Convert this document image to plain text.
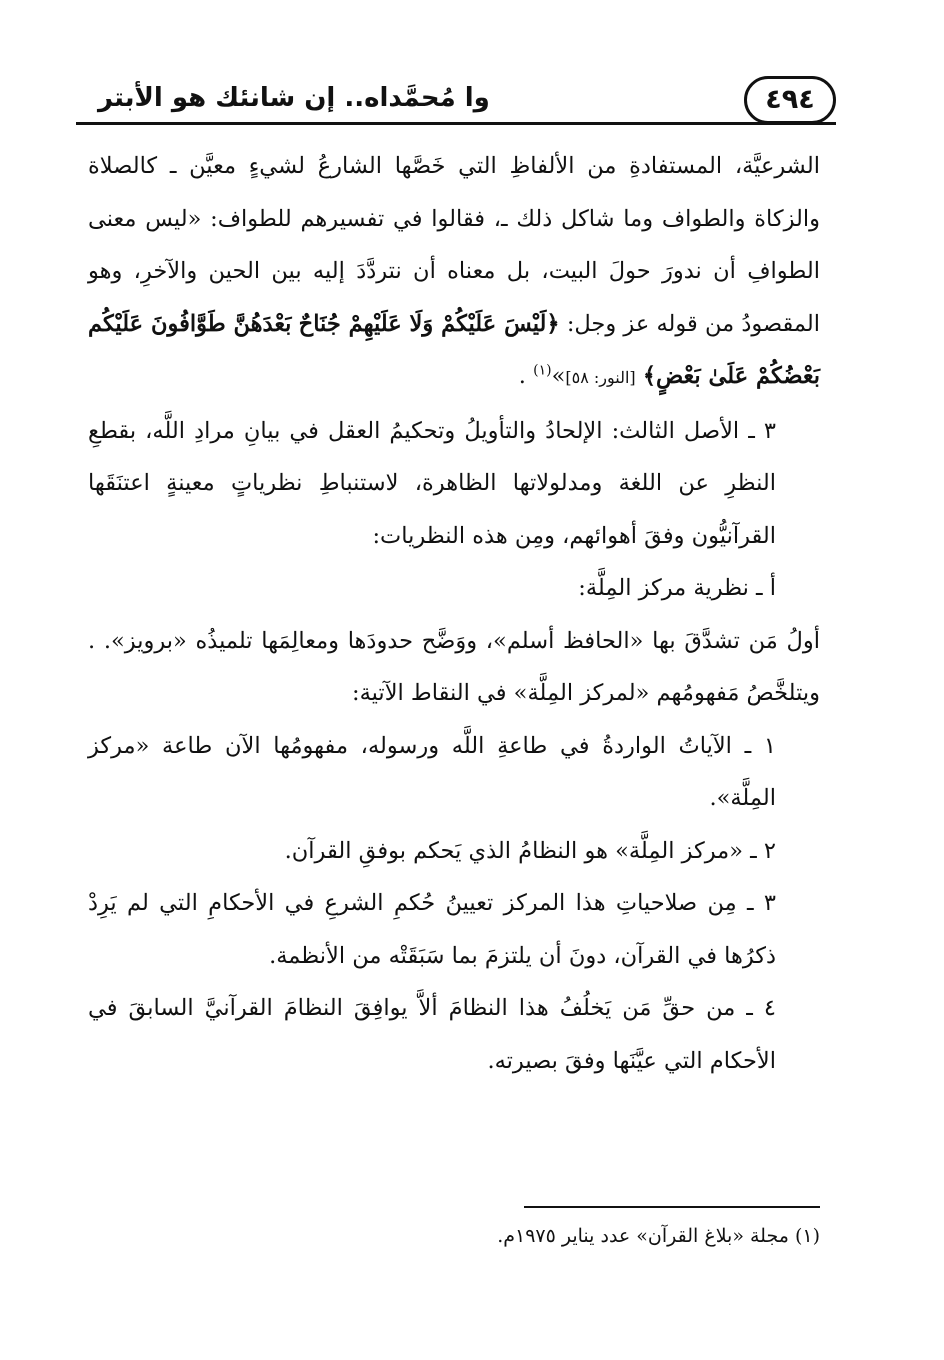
٤٩٤
وا مُحمَّداه.. إن شانئك هو الأبتر

الشرعيَّة، المستفادةِ من الألفاظِ التي خَصَّها الشارعُ لشيءٍ معيَّن ـ كالصلاة والزكاة والطواف وما شاكل ذلك ـ، فقالوا في تفسيرهم للطواف: «ليس معنى الطوافِ أن ندورَ حولَ البيت، بل معناه أن نتردَّدَ إليه بين الحين والآخرِ، وهو المقصودُ من قوله عز وجل: ﴿لَيْسَ عَلَيْكُمْ وَلَا عَلَيْهِمْ جُنَاحٌ بَعْدَهُنَّ طَوَّافُونَ عَلَيْكُم بَعْضُكُمْ عَلَىٰ بَعْضٍ﴾ [النور: ٥٨]»$^{(١)}$ .

٣ ـ الأصل الثالث: الإلحادُ والتأويلُ وتحكيمُ العقل في بيانِ مرادِ اللَّه، بقطعِ النظرِ عن اللغة ومدلولاتها الظاهرة، لاستنباطِ نظرياتٍ معينةٍ اعتنَقَها القرآنيُّون وفقَ أهوائهم، ومِن هذه النظريات:

أ ـ نظرية مركز المِلَّة:

أولُ مَن تشدَّقَ بها «الحافظ أسلم»، ووَضَّح حدودَها ومعالِمَها تلميذُه «برويز». . ويتلخَّصُ مَفهومُهم «لمركز المِلَّة» في النقاط الآتية:

١ ـ الآياتُ الواردةُ في طاعةِ اللَّه ورسوله، مفهومُها الآن طاعة «مركز المِلَّة».

٢ ـ «مركز المِلَّة» هو النظامُ الذي يَحكم بوفقِ القرآن.

٣ ـ مِن صلاحياتِ هذا المركز تعيينُ حُكمِ الشرعِ في الأحكامِ التي لم يَرِدْ ذكرُها في القرآن، دونَ أن يلتزمَ بما سَبَقَتْه من الأنظمة.

٤ ـ من حقِّ مَن يَخلُفُ هذا النظامَ ألاَّ يوافِقَ النظامَ القرآنيَّ السابقَ في الأحكام التي عيَّنَها وفقَ بصيرته.

(١) مجلة «بلاغ القرآن» عدد يناير ١٩٧٥م.
